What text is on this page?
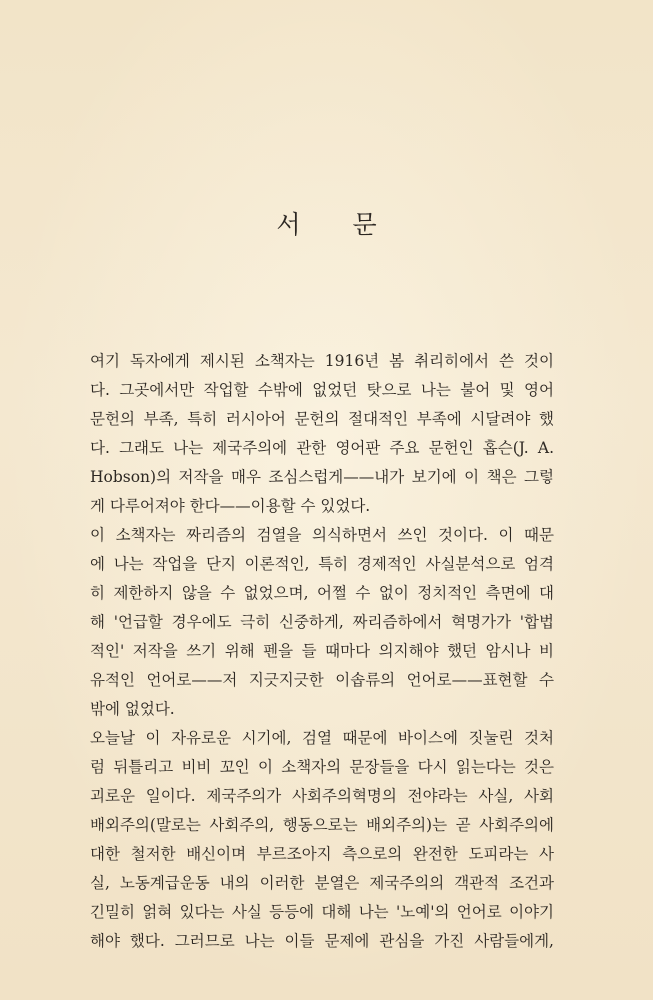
서 문
여기 독자에게 제시된 소책자는 1916년 봄 취리히에서 쓴 것이
다. 그곳에서만 작업할 수밖에 없었던 탓으로 나는 불어 및 영어
문헌의 부족, 특히 러시아어 문헌의 절대적인 부족에 시달려야 했
다. 그래도 나는 제국주의에 관한 영어판 주요 문헌인 홉슨(J. A.
Hobson)의 저작을 매우 조심스럽게——내가 보기에 이 책은 그렇
게 다루어져야 한다——이용할 수 있었다.
이 소책자는 짜리즘의 검열을 의식하면서 쓰인 것이다. 이 때문
에 나는 작업을 단지 이론적인, 특히 경제적인 사실분석으로 엄격
히 제한하지 않을 수 없었으며, 어쩔 수 없이 정치적인 측면에 대
해 '언급할 경우에도 극히 신중하게, 짜리즘하에서 혁명가가 '합법
적인' 저작을 쓰기 위해 펜을 들 때마다 의지해야 했던 암시나 비
유적인 언어로——저 지긋지긋한 이솝류의 언어로——표현할 수
밖에 없었다.
오늘날 이 자유로운 시기에, 검열 때문에 바이스에 짓눌린 것처
럼 뒤틀리고 비비 꼬인 이 소책자의 문장들을 다시 읽는다는 것은
괴로운 일이다. 제국주의가 사회주의혁명의 전야라는 사실, 사회
배외주의(말로는 사회주의, 행동으로는 배외주의)는 곧 사회주의에
대한 철저한 배신이며 부르조아지 측으로의 완전한 도피라는 사
실, 노동계급운동 내의 이러한 분열은 제국주의의 객관적 조건과
긴밀히 얽혀 있다는 사실 등등에 대해 나는 '노예'의 언어로 이야기
해야 했다. 그러므로 나는 이들 문제에 관심을 가진 사람들에게,
